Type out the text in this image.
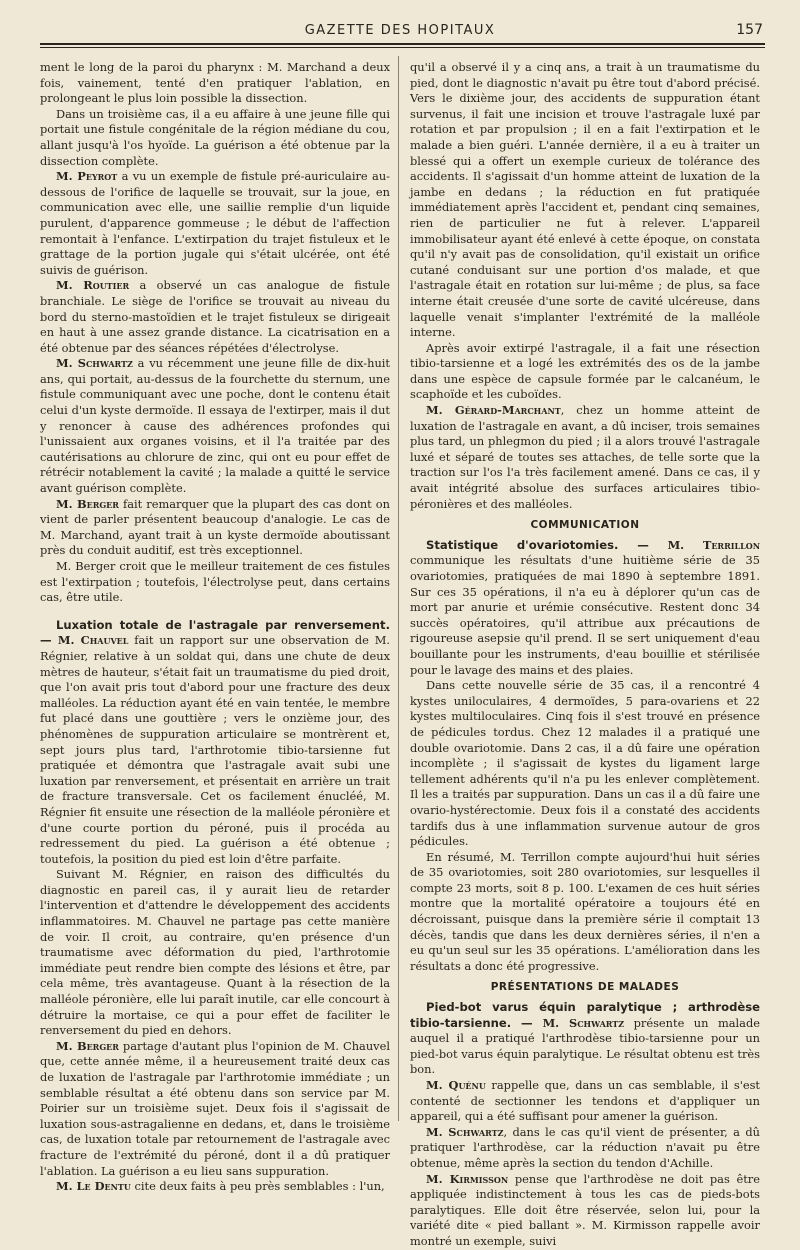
GAZETTE DES HOPITAUX	157

ment le long de la paroi du pharynx : M. Marchand a deux fois, vainement, tenté d'en pratiquer l'ablation, en prolongeant le plus loin possible la dissection.

Dans un troisième cas, il a eu affaire à une jeune fille qui portait une fistule congénitale de la région médiane du cou, allant jusqu'à l'os hyoïde. La guérison a été obtenue par la dissection complète.

M. Peyrot a vu un exemple de fistule pré-auriculaire au-dessous de l'orifice de laquelle se trouvait, sur la joue, en communication avec elle, une saillie remplie d'un liquide purulent, d'apparence gommeuse ; le début de l'affection remontait à l'enfance. L'extirpation du trajet fistuleux et le grattage de la portion jugale qui s'était ulcérée, ont été suivis de guérison.

M. Routier a observé un cas analogue de fistule branchiale. Le siège de l'orifice se trouvait au niveau du bord du sterno-mastoïdien et le trajet fistuleux se dirigeait en haut à une assez grande distance. La cicatrisation en a été obtenue par des séances répétées d'électrolyse.

M. Schwartz a vu récemment une jeune fille de dix-huit ans, qui portait, au-dessus de la fourchette du sternum, une fistule communiquant avec une poche, dont le contenu était celui d'un kyste dermoïde. Il essaya de l'extirper, mais il dut y renoncer à cause des adhérences profondes qui l'unissaient aux organes voisins, et il l'a traitée par des cautérisations au chlorure de zinc, qui ont eu pour effet de rétrécir notablement la cavité ; la malade a quitté le service avant guérison complète.

M. Berger fait remarquer que la plupart des cas dont on vient de parler présentent beaucoup d'analogie. Le cas de M. Marchand, ayant trait à un kyste dermoïde aboutissant près du conduit auditif, est très exceptionnel.

M. Berger croit que le meilleur traitement de ces fistules est l'extirpation ; toutefois, l'électrolyse peut, dans certains cas, être utile.

Luxation totale de l'astragale par renversement. — M. Chauvel fait un rapport sur une observation de M. Régnier, relative à un soldat qui, dans une chute de deux mètres de hauteur, s'était fait un traumatisme du pied droit, que l'on avait pris tout d'abord pour une fracture des deux malléoles. La réduction ayant été en vain tentée, le membre fut placé dans une gouttière ; vers le onzième jour, des phénomènes de suppuration articulaire se montrèrent et, sept jours plus tard, l'arthrotomie tibio-tarsienne fut pratiquée et démontra que l'astragale avait subi une luxation par renversement, et présentait en arrière un trait de fracture transversale. Cet os facilement énucléé, M. Régnier fit ensuite une résection de la malléole péronière et d'une courte portion du péroné, puis il procéda au redressement du pied. La guérison a été obtenue ; toutefois, la position du pied est loin d'être parfaite.

Suivant M. Régnier, en raison des difficultés du diagnostic en pareil cas, il y aurait lieu de retarder l'intervention et d'attendre le développement des accidents inflammatoires. M. Chauvel ne partage pas cette manière de voir. Il croit, au contraire, qu'en présence d'un traumatisme avec déformation du pied, l'arthrotomie immédiate peut rendre bien compte des lésions et être, par cela même, très avantageuse. Quant à la résection de la malléole péronière, elle lui paraît inutile, car elle concourt à détruire la mortaise, ce qui a pour effet de faciliter le renversement du pied en dehors.

M. Berger partage d'autant plus l'opinion de M. Chauvel que, cette année même, il a heureusement traité deux cas de luxation de l'astragale par l'arthrotomie immédiate ; un semblable résultat a été obtenu dans son service par M. Poirier sur un troisième sujet. Deux fois il s'agissait de luxation sous-astragalienne en dedans, et, dans le troisième cas, de luxation totale par retournement de l'astragale avec fracture de l'extrémité du péroné, dont il a dû pratiquer l'ablation. La guérison a eu lieu sans suppuration.

M. Le Dentu cite deux faits à peu près semblables : l'un,

qu'il a observé il y a cinq ans, a trait à un traumatisme du pied, dont le diagnostic n'avait pu être tout d'abord précisé. Vers le dixième jour, des accidents de suppuration étant survenus, il fait une incision et trouve l'astragale luxé par rotation et par propulsion ; il en a fait l'extirpation et le malade a bien guéri. L'année dernière, il a eu à traiter un blessé qui a offert un exemple curieux de tolérance des accidents. Il s'agissait d'un homme atteint de luxation de la jambe en dedans ; la réduction en fut pratiquée immédiatement après l'accident et, pendant cinq semaines, rien de particulier ne fut à relever. L'appareil immobilisateur ayant été enlevé à cette époque, on constata qu'il n'y avait pas de consolidation, qu'il existait un orifice cutané conduisant sur une portion d'os malade, et que l'astragale était en rotation sur lui-même ; de plus, sa face interne était creusée d'une sorte de cavité ulcéreuse, dans laquelle venait s'implanter l'extrémité de la malléole interne.

Après avoir extirpé l'astragale, il a fait une résection tibio-tarsienne et a logé les extrémités des os de la jambe dans une espèce de capsule formée par le calcanéum, le scaphoïde et les cuboïdes.

M. Gérard-Marchant, chez un homme atteint de luxation de l'astragale en avant, a dû inciser, trois semaines plus tard, un phlegmon du pied ; il a alors trouvé l'astragale luxé et séparé de toutes ses attaches, de telle sorte que la traction sur l'os l'a très facilement amené. Dans ce cas, il y avait intégrité absolue des surfaces articulaires tibio-péronières et des malléoles.

COMMUNICATION

Statistique d'ovariotomies. — M. Terrillon communique les résultats d'une huitième série de 35 ovariotomies, pratiquées de mai 1890 à septembre 1891. Sur ces 35 opérations, il n'a eu à déplorer qu'un cas de mort par anurie et urémie consécutive. Restent donc 34 succès opératoires, qu'il attribue aux précautions de rigoureuse asepsie qu'il prend. Il se sert uniquement d'eau bouillante pour les instruments, d'eau bouillie et stérilisée pour le lavage des mains et des plaies.

Dans cette nouvelle série de 35 cas, il a rencontré 4 kystes uniloculaires, 4 dermoïdes, 5 para-ovariens et 22 kystes multiloculaires. Cinq fois il s'est trouvé en présence de pédicules tordus. Chez 12 malades il a pratiqué une double ovariotomie. Dans 2 cas, il a dû faire une opération incomplète ; il s'agissait de kystes du ligament large tellement adhérents qu'il n'a pu les enlever complètement. Il les a traités par suppuration. Dans un cas il a dû faire une ovario-hystérectomie. Deux fois il a constaté des accidents tardifs dus à une inflammation survenue autour de gros pédicules.

En résumé, M. Terrillon compte aujourd'hui huit séries de 35 ovariotomies, soit 280 ovariotomies, sur lesquelles il compte 23 morts, soit 8 p. 100. L'examen de ces huit séries montre que la mortalité opératoire a toujours été en décroissant, puisque dans la première série il comptait 13 décès, tandis que dans les deux dernières séries, il n'en a eu qu'un seul sur les 35 opérations. L'amélioration dans les résultats a donc été progressive.

PRÉSENTATIONS DE MALADES

Pied-bot varus équin paralytique ; arthrodèse tibio-tarsienne. — M. Schwartz présente un malade auquel il a pratiqué l'arthrodèse tibio-tarsienne pour un pied-bot varus équin paralytique. Le résultat obtenu est très bon.

M. Quénu rappelle que, dans un cas semblable, il s'est contenté de sectionner les tendons et d'appliquer un appareil, qui a été suffisant pour amener la guérison.

M. Schwartz, dans le cas qu'il vient de présenter, a dû pratiquer l'arthrodèse, car la réduction n'avait pu être obtenue, même après la section du tendon d'Achille.

M. Kirmisson pense que l'arthrodèse ne doit pas être appliquée indistinctement à tous les cas de pieds-bots paralytiques. Elle doit être réservée, selon lui, pour la variété dite « pied ballant ». M. Kirmisson rappelle avoir montré un exemple, suivi
